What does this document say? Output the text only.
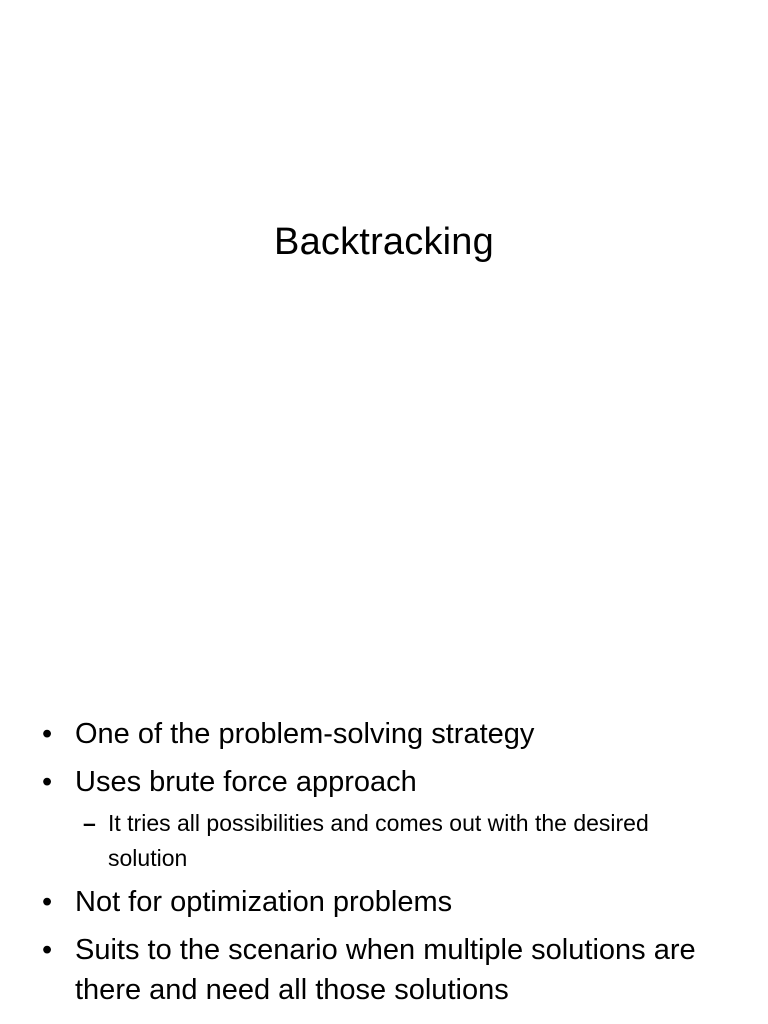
Backtracking
• One of the problem-solving strategy
• Uses brute force approach
– It tries all possibilities and comes out with the desired solution
• Not for optimization problems
• Suits to the scenario when multiple solutions are there and need all those solutions
